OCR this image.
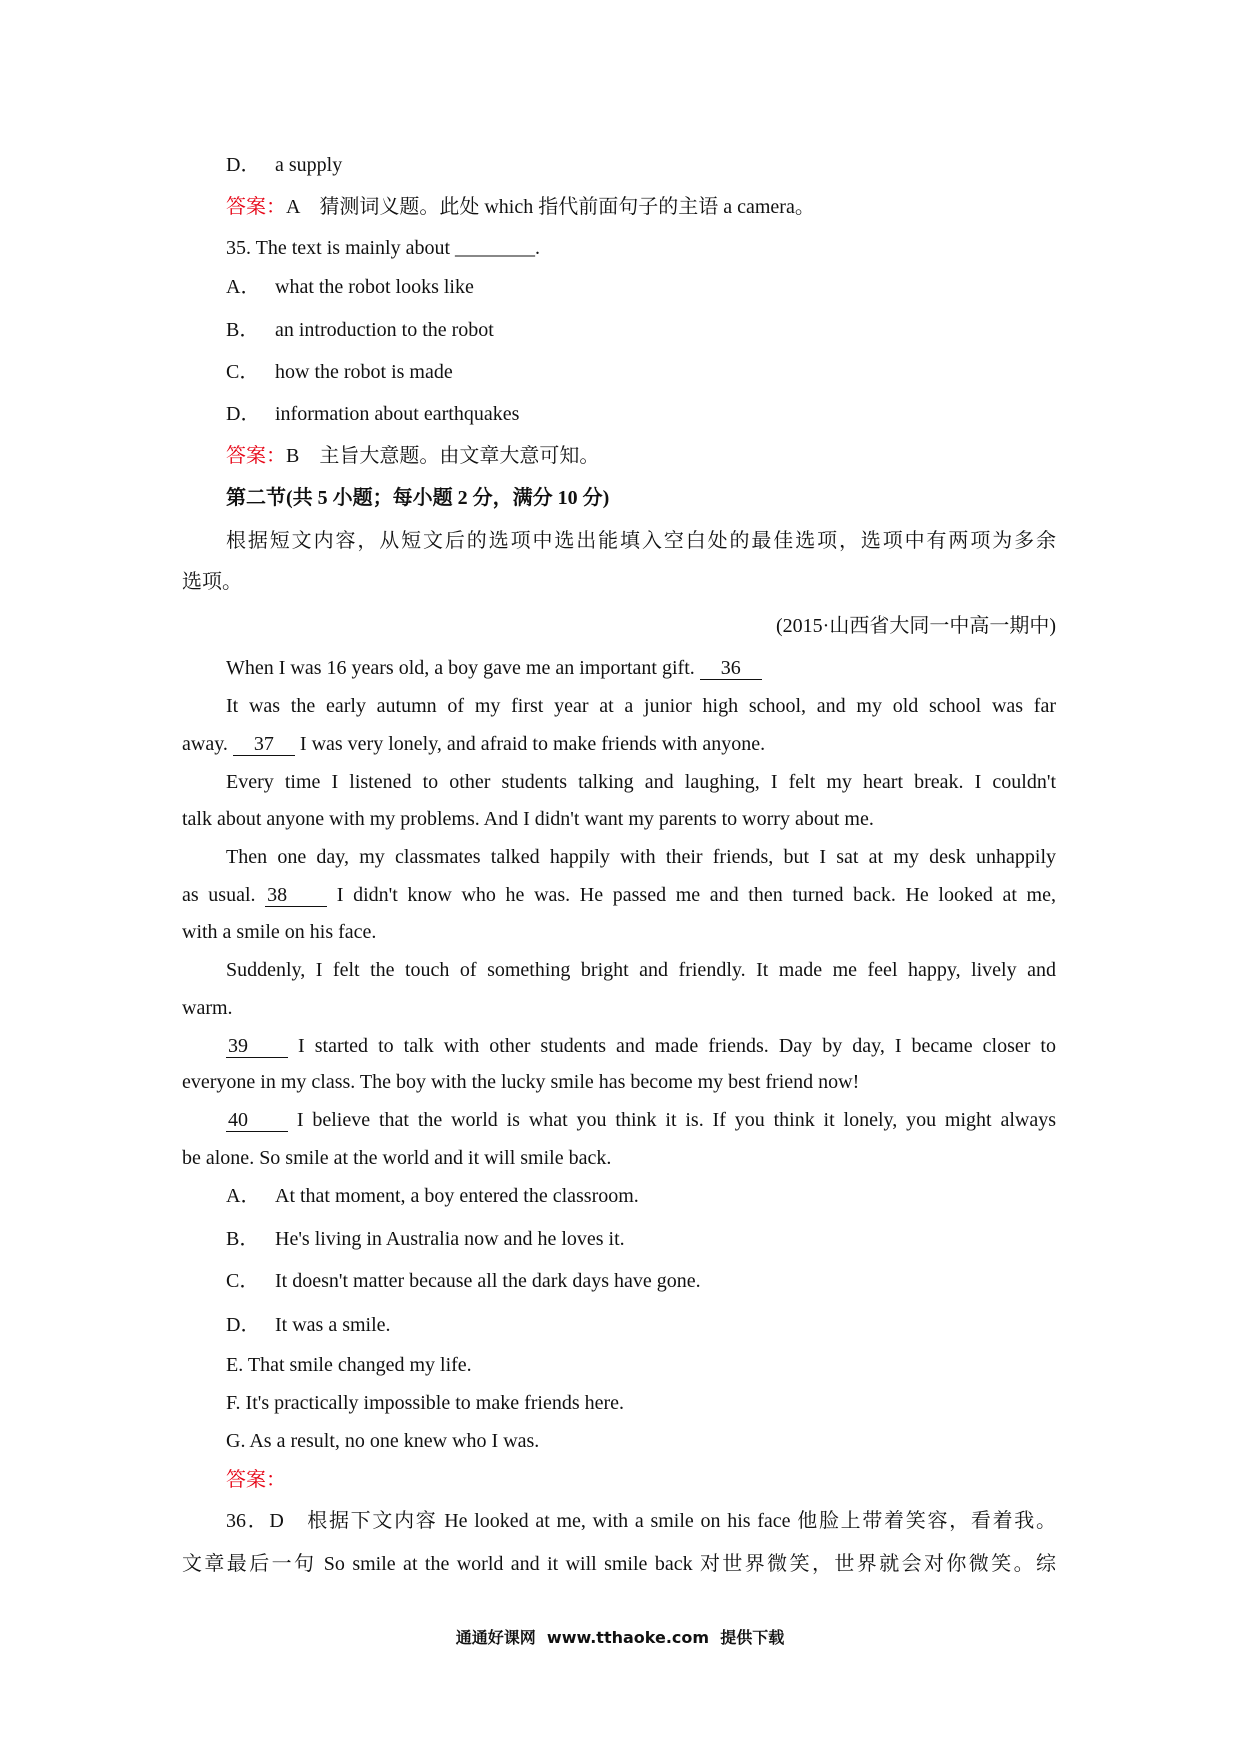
D． a supply
答案：A　猜测词义题。此处 which 指代前面句子的主语 a camera。
35. The text is mainly about ________.
A． what the robot looks like
B． an introduction to the robot
C． how the robot is made
D． information about earthquakes
答案：B　主旨大意题。由文章大意可知。
第二节(共 5 小题；每小题 2 分，满分 10 分)
根据短文内容，从短文后的选项中选出能填入空白处的最佳选项，选项中有两项为多余
选项。
(2015·山西省大同一中高一期中)
When I was 16 years old, a boy gave me an important gift. 36
It was the early autumn of my first year at a junior high school, and my old school was far
away. 37 I was very lonely, and afraid to make friends with anyone.
Every time I listened to other students talking and laughing, I felt my heart break. I couldn't
talk about anyone with my problems. And I didn't want my parents to worry about me.
Then one day, my classmates talked happily with their friends, but I sat at my desk unhappily
as usual. 38 I didn't know who he was. He passed me and then turned back. He looked at me,
with a smile on his face.
Suddenly, I felt the touch of something bright and friendly. It made me feel happy, lively and
warm.
39 I started to talk with other students and made friends. Day by day, I became closer to
everyone in my class. The boy with the lucky smile has become my best friend now!
40 I believe that the world is what you think it is. If you think it lonely, you might always
be alone. So smile at the world and it will smile back.
A． At that moment, a boy entered the classroom.
B． He's living in Australia now and he loves it.
C． It doesn't matter because all the dark days have gone.
D． It was a smile.
E. That smile changed my life.
F. It's practically impossible to make friends here.
G. As a result, no one knew who I was.
答案：
36．D　根据下文内容 He looked at me, with a smile on his face 他脸上带着笑容，看着我。
文章最后一句 So smile at the world and it will smile back 对世界微笑，世界就会对你微笑。综
通通好课网  www.tthaoke.com  提供下载
